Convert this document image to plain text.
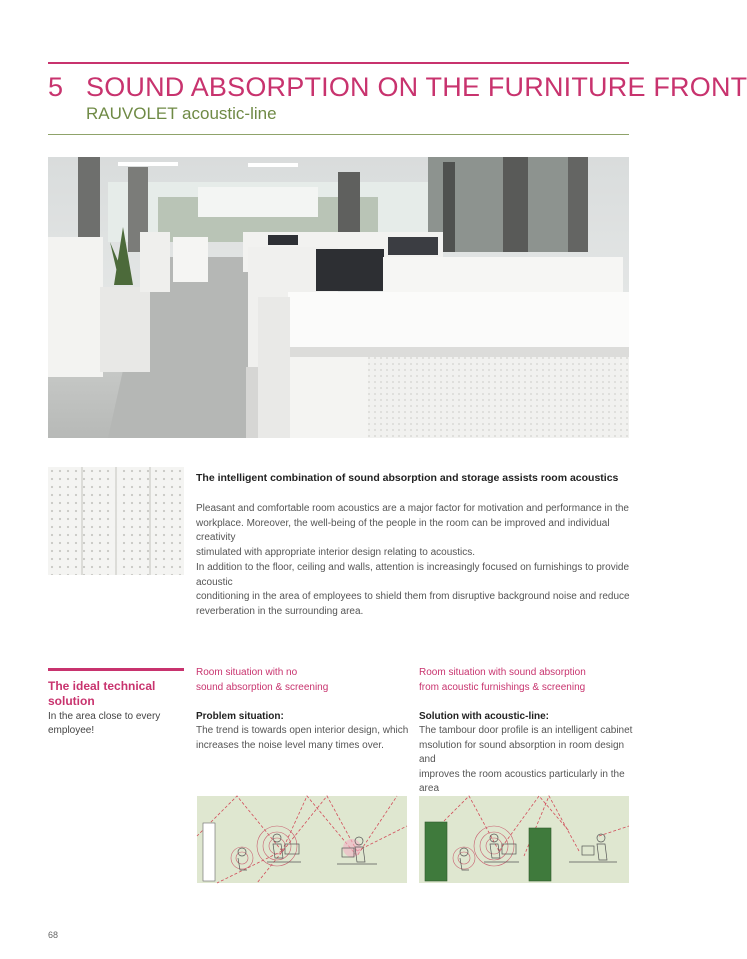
5 SOUND ABSORPTION ON THE FURNITURE FRONT
RAUVOLET acoustic-line
The intelligent combination of sound absorption and storage assists room acoustics
Pleasant and comfortable room acoustics are a major factor for motivation and performance in the
workplace. Moreover, the well-being of the people in the room can be improved and individual creativity
stimulated with appropriate interior design relating to acoustics.
In addition to the floor, ceiling and walls, attention is increasingly focused on furnishings to provide acoustic
conditioning in the area of employees to shield them from disruptive background noise and reduce
reverberation in the surrounding area.
The ideal technical
solution
In the area close to every
employee!
Room situation with no
sound absorption & screening
Problem situation:
The trend is towards open interior design, which
increases the noise level many times over.
Room situation with sound absorption
from acoustic furnishings & screening
Solution with acoustic-line:
The tambour door profile is an intelligent cabinet
msolution for sound absorption in room design and
improves the room acoustics particularly in the area
68
